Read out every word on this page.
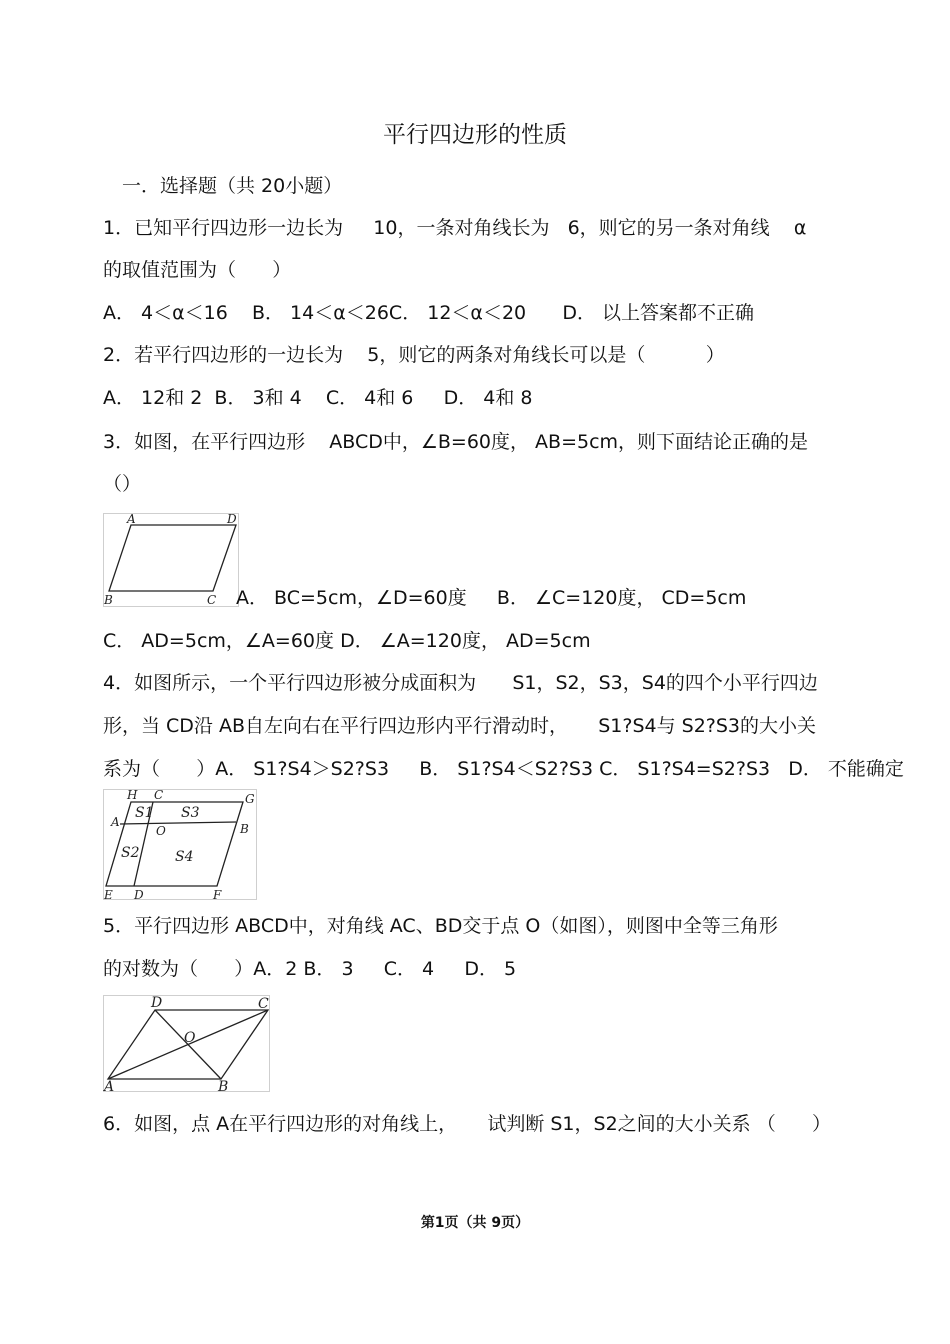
平行四边形的性质
一．选择题（共 20小题）
1．已知平行四边形一边长为     10，一条对角线长为   6，则它的另一条对角线    α
的取值范围为（      ）
A． 4＜α＜16    B． 14＜α＜26C． 12＜α＜20      D． 以上答案都不正确
2．若平行四边形的一边长为    5，则它的两条对角线长可以是（          ）
A． 12和 2  B． 3和 4    C． 4和 6     D． 4和 8
3．如图，在平行四边形    ABCD中，∠B=60度， AB=5cm，则下面结论正确的是
（）
A	D
B	C A． BC=5cm，∠D=60度     B． ∠C=120度， CD=5cm
C． AD=5cm，∠A=60度 D． ∠A=120度， AD=5cm
4．如图所示，一个平行四边形被分成面积为      S1，S2，S3，S4的四个小平行四边
形，当 CD沿 AB自左向右在平行四边形内平行滑动时，     S1?S4与 S2?S3的大小关
系为（      ）A． S1?S4＞S2?S3     B． S1?S4＜S2?S3 C． S1?S4=S2?S3   D． 不能确定
H C	G
A
O	B
E D	F
S1 S3
S2	S4
5．平行四边形 ABCD中，对角线 AC、BD交于点 O（如图），则图中全等三角形
的对数为（      ）A．2 B． 3     C． 4     D． 5
D	C
O
A	B
6．如图，点 A在平行四边形的对角线上，     试判断 S1，S2之间的大小关系 （      ）
第1页（共 9页）
